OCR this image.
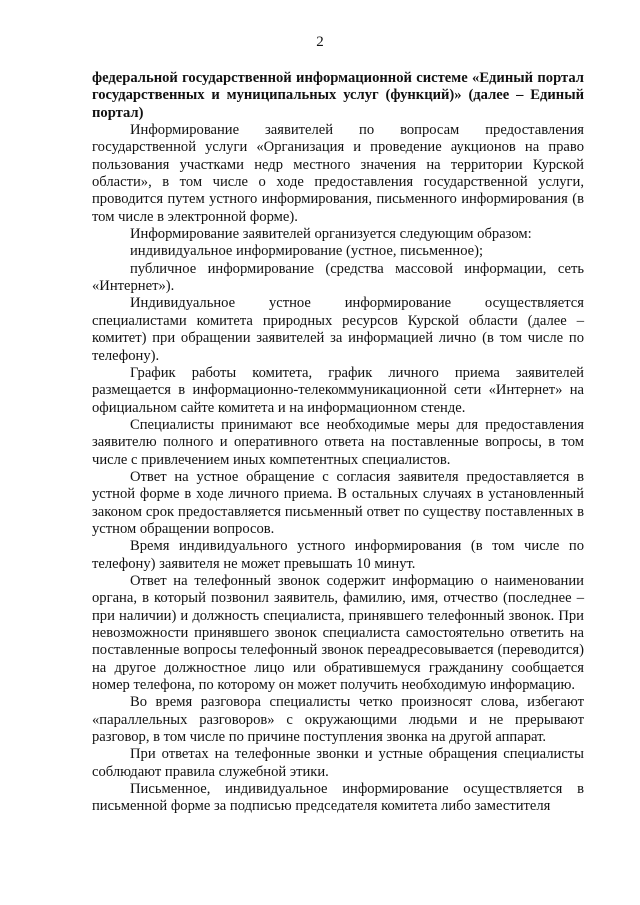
2

федеральной государственной информационной системе «Единый портал государственных и муниципальных услуг (функций)» (далее – Единый портал)

Информирование заявителей по вопросам предоставления государственной услуги «Организация и проведение аукционов на право пользования участками недр местного значения на территории Курской области», в том числе о ходе предоставления государственной услуги, проводится путем устного информирования, письменного информирования (в том числе в электронной форме).

Информирование заявителей организуется следующим образом:

индивидуальное информирование (устное, письменное);

публичное информирование (средства массовой информации, сеть «Интернет»).

Индивидуальное устное информирование осуществляется специалистами комитета природных ресурсов Курской области (далее – комитет) при обращении заявителей за информацией лично (в том числе по телефону).

График работы комитета, график личного приема заявителей размещается в информационно-телекоммуникационной сети «Интернет» на официальном сайте комитета и на информационном стенде.

Специалисты принимают все необходимые меры для предоставления заявителю полного и оперативного ответа на поставленные вопросы, в том числе с привлечением иных компетентных специалистов.

Ответ на устное обращение с согласия заявителя предоставляется в устной форме в ходе личного приема. В остальных случаях в установленный законом срок предоставляется письменный ответ по существу поставленных в устном обращении вопросов.

Время индивидуального устного информирования (в том числе по телефону) заявителя не может превышать 10 минут.

Ответ на телефонный звонок содержит информацию о наименовании органа, в который позвонил заявитель, фамилию, имя, отчество (последнее – при наличии) и должность специалиста, принявшего телефонный звонок. При невозможности принявшего звонок специалиста самостоятельно ответить на поставленные вопросы телефонный звонок переадресовывается (переводится) на другое должностное лицо или обратившемуся гражданину сообщается номер телефона, по которому он может получить необходимую информацию.

Во время разговора специалисты четко произносят слова, избегают «параллельных разговоров» с окружающими людьми и не прерывают разговор, в том числе по причине поступления звонка на другой аппарат.

При ответах на телефонные звонки и устные обращения специалисты соблюдают правила служебной этики.

Письменное, индивидуальное информирование осуществляется в письменной форме за подписью председателя комитета либо заместителя
